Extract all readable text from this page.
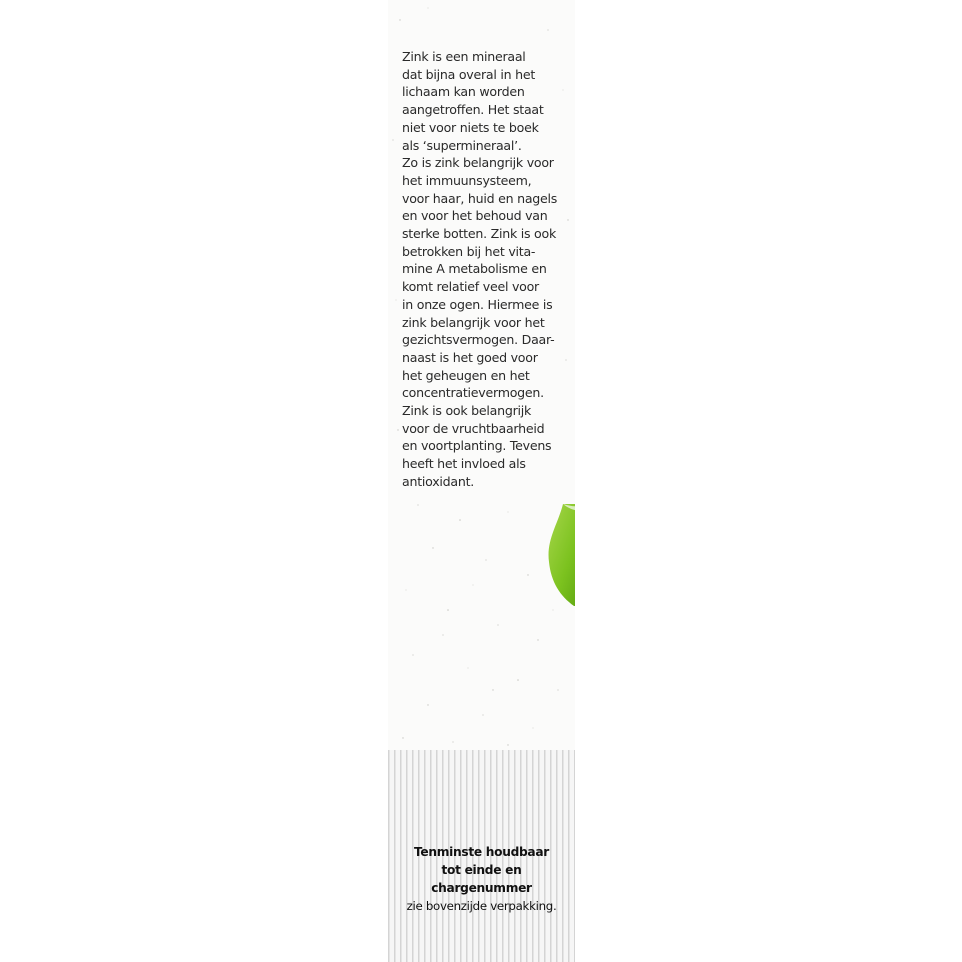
Zink is een mineraal
dat bijna overal in het
lichaam kan worden
aangetroffen. Het staat
niet voor niets te boek
als ‘supermineraal’.
Zo is zink belangrijk voor
het immuunsysteem,
voor haar, huid en nagels
en voor het behoud van
sterke botten. Zink is ook
betrokken bij het vita-
mine A metabolisme en
komt relatief veel voor
in onze ogen. Hiermee is
zink belangrijk voor het
gezichtsvermogen. Daar-
naast is het goed voor
het geheugen en het
concentratievermogen.
Zink is ook belangrijk
voor de vruchtbaarheid
en voortplanting. Tevens
heeft het invloed als
antioxidant.
Tenminste houdbaar
tot einde en
chargenummer
zie bovenzijde verpakking.
